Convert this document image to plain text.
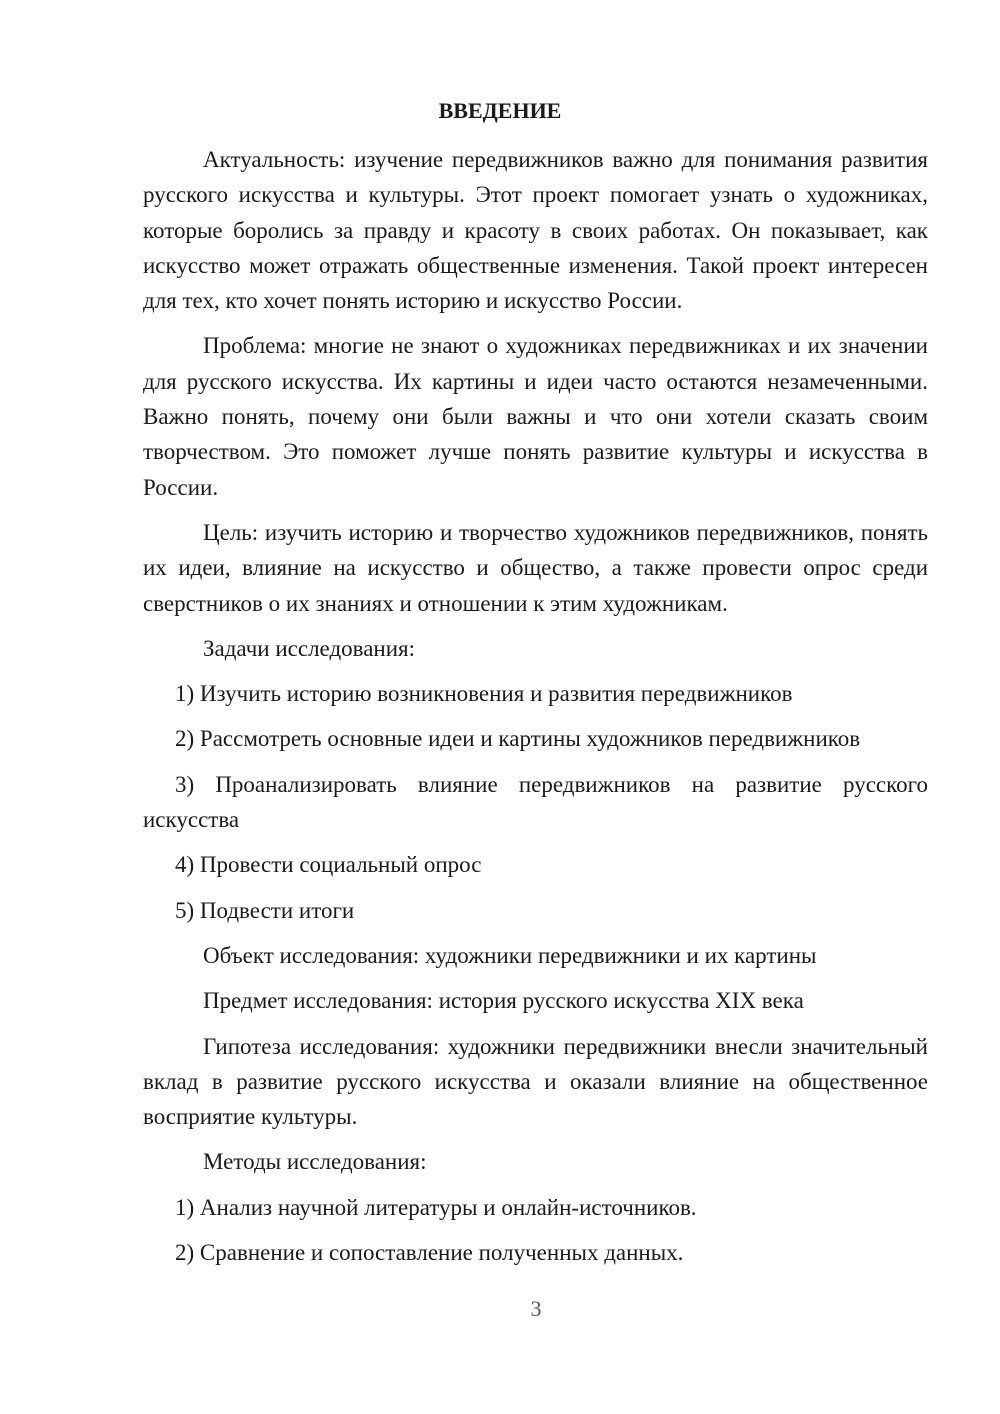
ВВЕДЕНИЕ

Актуальность: изучение передвижников важно для понимания развития русского искусства и культуры. Этот проект помогает узнать о художниках, которые боролись за правду и красоту в своих работах. Он показывает, как искусство может отражать общественные изменения. Такой проект интересен для тех, кто хочет понять историю и искусство России.

Проблема: многие не знают о художниках передвижниках и их значении для русского искусства. Их картины и идеи часто остаются незамеченными. Важно понять, почему они были важны и что они хотели сказать своим творчеством. Это поможет лучше понять развитие культуры и искусства в России.

Цель: изучить историю и творчество художников передвижников, понять их идеи, влияние на искусство и общество, а также провести опрос среди сверстников о их знаниях и отношении к этим художникам.

Задачи исследования:

1) Изучить историю возникновения и развития передвижников

2) Рассмотреть основные идеи и картины художников передвижников

3) Проанализировать влияние передвижников на развитие русского искусства

4) Провести социальный опрос

5) Подвести итоги

Объект исследования: художники передвижники и их картины

Предмет исследования: история русского искусства XIX века

Гипотеза исследования: художники передвижники внесли значительный вклад в развитие русского искусства и оказали влияние на общественное восприятие культуры.

Методы исследования:

1) Анализ научной литературы и онлайн-источников.

2) Сравнение и сопоставление полученных данных.

3
